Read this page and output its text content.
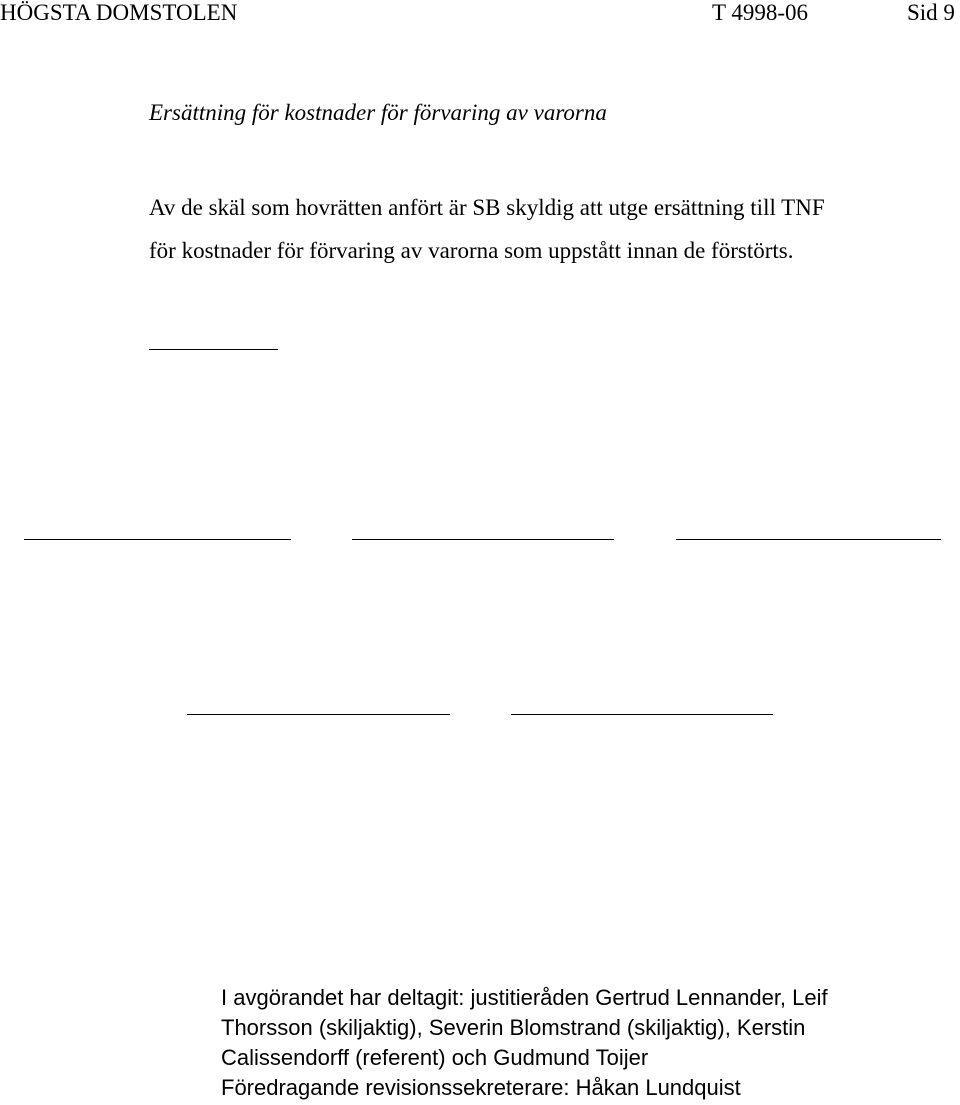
HÖGSTA DOMSTOLEN	T 4998-06	Sid 9
Ersättning för kostnader för förvaring av varorna
Av de skäl som hovrätten anfört är SB skyldig att utge ersättning till TNF
för kostnader för förvaring av varorna som uppstått innan de förstörts.
I avgörandet har deltagit: justitieråden Gertrud Lennander, Leif
Thorsson (skiljaktig), Severin Blomstrand (skiljaktig), Kerstin
Calissendorff (referent) och Gudmund Toijer
Föredragande revisionssekreterare: Håkan Lundquist
